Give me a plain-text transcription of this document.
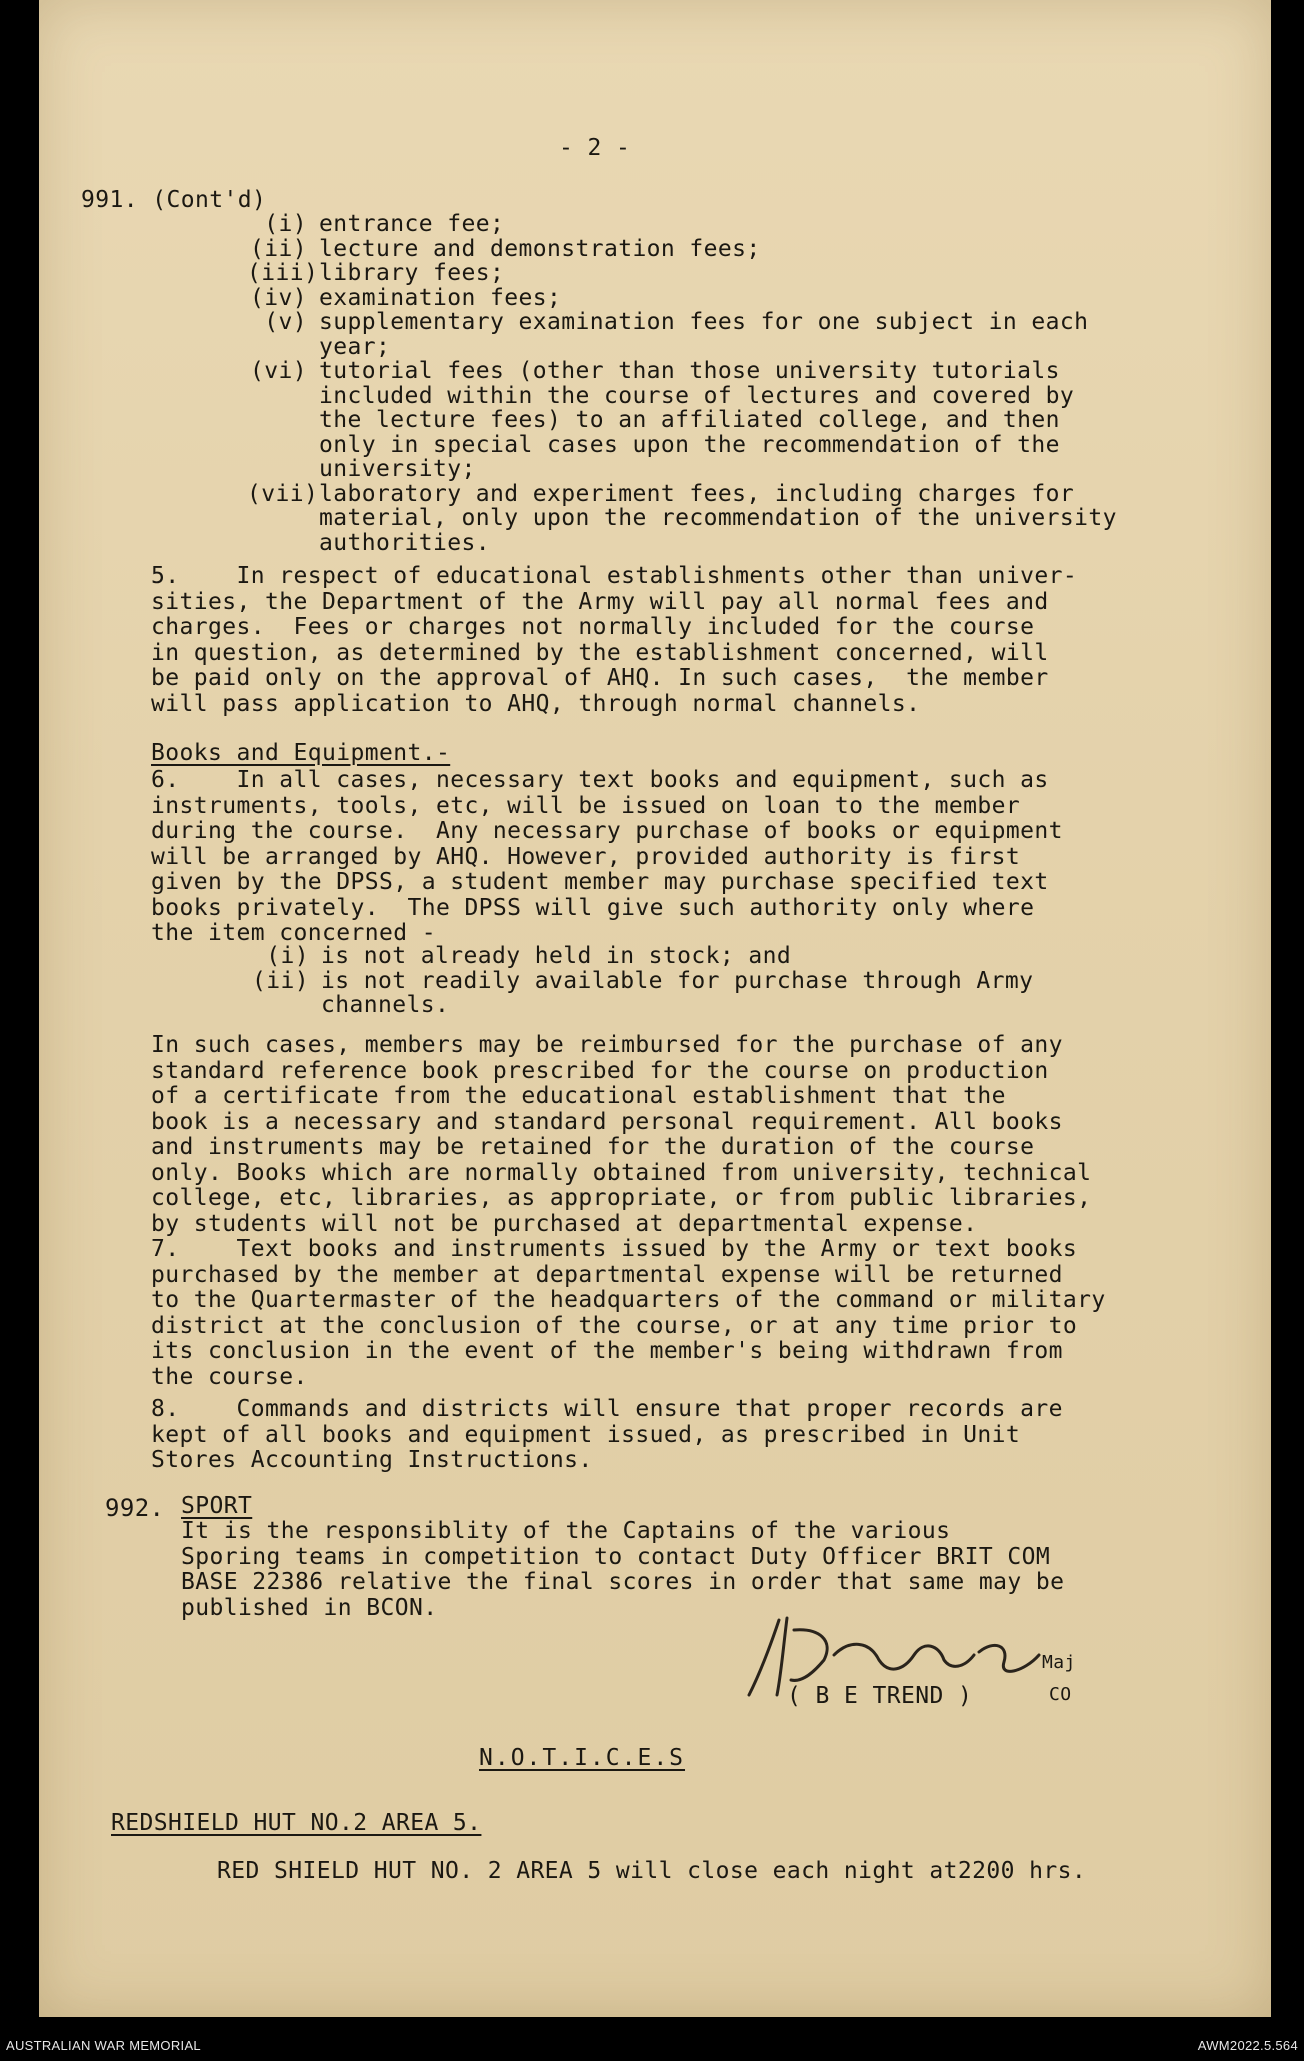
- 2 -
991. (Cont'd)
(i) entrance fee;
(ii) lecture and demonstration fees;
(iii) library fees;
(iv) examination fees;
(v) supplementary examination fees for one subject in each
year;
(vi) tutorial fees (other than those university tutorials
included within the course of lectures and covered by
the lecture fees) to an affiliated college, and then
only in special cases upon the recommendation of the
university;
(vii) laboratory and experiment fees, including charges for
material, only upon the recommendation of the university
authorities.
5.    In respect of educational establishments other than univer-
sities, the Department of the Army will pay all normal fees and
charges.  Fees or charges not normally included for the course
in question, as determined by the establishment concerned, will
be paid only on the approval of AHQ. In such cases,  the member
will pass application to AHQ, through normal channels.
Books and Equipment.-
6.    In all cases, necessary text books and equipment, such as
instruments, tools, etc, will be issued on loan to the member
during the course.  Any necessary purchase of books or equipment
will be arranged by AHQ. However, provided authority is first
given by the DPSS, a student member may purchase specified text
books privately.  The DPSS will give such authority only where
the item concerned -
(i) is not already held in stock; and
(ii) is not readily available for purchase through Army
channels.
In such cases, members may be reimbursed for the purchase of any
standard reference book prescribed for the course on production
of a certificate from the educational establishment that the
book is a necessary and standard personal requirement. All books
and instruments may be retained for the duration of the course
only. Books which are normally obtained from university, technical
college, etc, libraries, as appropriate, or from public libraries,
by students will not be purchased at departmental expense.
7.    Text books and instruments issued by the Army or text books
purchased by the member at departmental expense will be returned
to the Quartermaster of the headquarters of the command or military
district at the conclusion of the course, or at any time prior to
its conclusion in the event of the member's being withdrawn from
the course.
8.    Commands and districts will ensure that proper records are
kept of all books and equipment issued, as prescribed in Unit
Stores Accounting Instructions.
992. SPORT
It is the responsiblity of the Captains of the various
Sporing teams in competition to contact Duty Officer BRIT COM
BASE 22386 relative the final scores in order that same may be
published in BCON.
Maj
( B E TREND )	CO
N.O.T.I.C.E.S
REDSHIELD HUT NO.2 AREA 5.
RED SHIELD HUT NO. 2 AREA 5 will close each night at2200 hrs.
AUSTRALIAN WAR MEMORIAL	AWM2022.5.564
